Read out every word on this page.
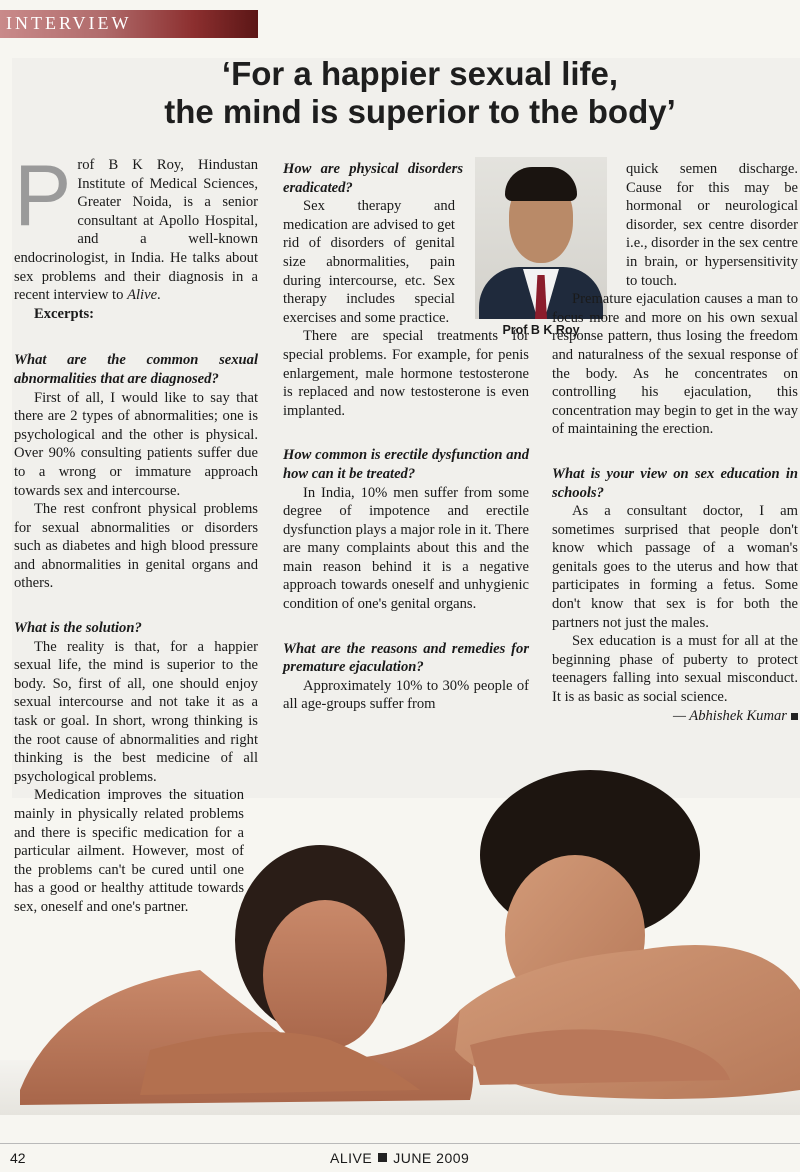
INTERVIEW
‘For a happier sexual life,
the mind is superior to the body’

Prof B K Roy, Hindustan Institute of Medical Sciences, Greater Noida, is a senior consultant at Apollo Hospital, and a well-known endocrinologist, in India. He talks about sex problems and their diagnosis in a recent interview to Alive.

Excerpts:

What are the common sexual abnormalities that are diagnosed?

First of all, I would like to say that there are 2 types of abnormalities; one is psychological and the other is physical. Over 90% consulting patients suffer due to a wrong or immature approach towards sex and intercourse.

The rest confront physical problems for sexual abnormalities or disorders such as diabetes and high blood pressure and abnormalities in genital organs and others.

What is the solution?

The reality is that, for a happier sexual life, the mind is superior to the body. So, first of all, one should enjoy sexual intercourse and not take it as a task or goal. In short, wrong thinking is the root cause of abnormalities and right thinking is the best medicine of all psychological problems.

Medication improves the situation mainly in physically related problems and there is specific medication for a particular ailment. However, most of the problems can't be cured until one has a good or healthy attitude towards sex, oneself and one's partner.

How are physical disorders eradicated?

Sex therapy and medication are advised to get rid of disorders of genital size abnormalities, pain during intercourse, etc. Sex therapy includes special exercises and some practice.

There are special treatments for special problems. For example, for penis enlargement, male hormone testosterone is replaced and now testosterone is even implanted.

How common is erectile dysfunction and how can it be treated?

In India, 10% men suffer from some degree of impotence and erectile dysfunction plays a major role in it. There are many complaints about this and the main reason behind it is a negative approach towards oneself and unhygienic condition of one's genital organs.

What are the reasons and remedies for premature ejaculation?

Approximately 10% to 30% people of all age-groups suffer from

Prof B K Roy

quick semen discharge. Cause for this may be hormonal or neurological disorder, sex centre disorder i.e., disorder in the sex centre in brain, or hypersensitivity to touch.

Premature ejaculation causes a man to focus more and more on his own sexual response pattern, thus losing the freedom and naturalness of the sexual response of the body. As he concentrates on controlling his ejaculation, this concentration may begin to get in the way of maintaining the erection.

What is your view on sex education in schools?

As a consultant doctor, I am sometimes surprised that people don't know which passage of a woman's genitals goes to the uterus and how that participates in forming a fetus. Some don't know that sex is for both the partners not just the males.

Sex education is a must for all at the beginning phase of puberty to protect teenagers falling into sexual misconduct. It is as basic as social science.

— Abhishek Kumar

42	ALIVE JUNE 2009
